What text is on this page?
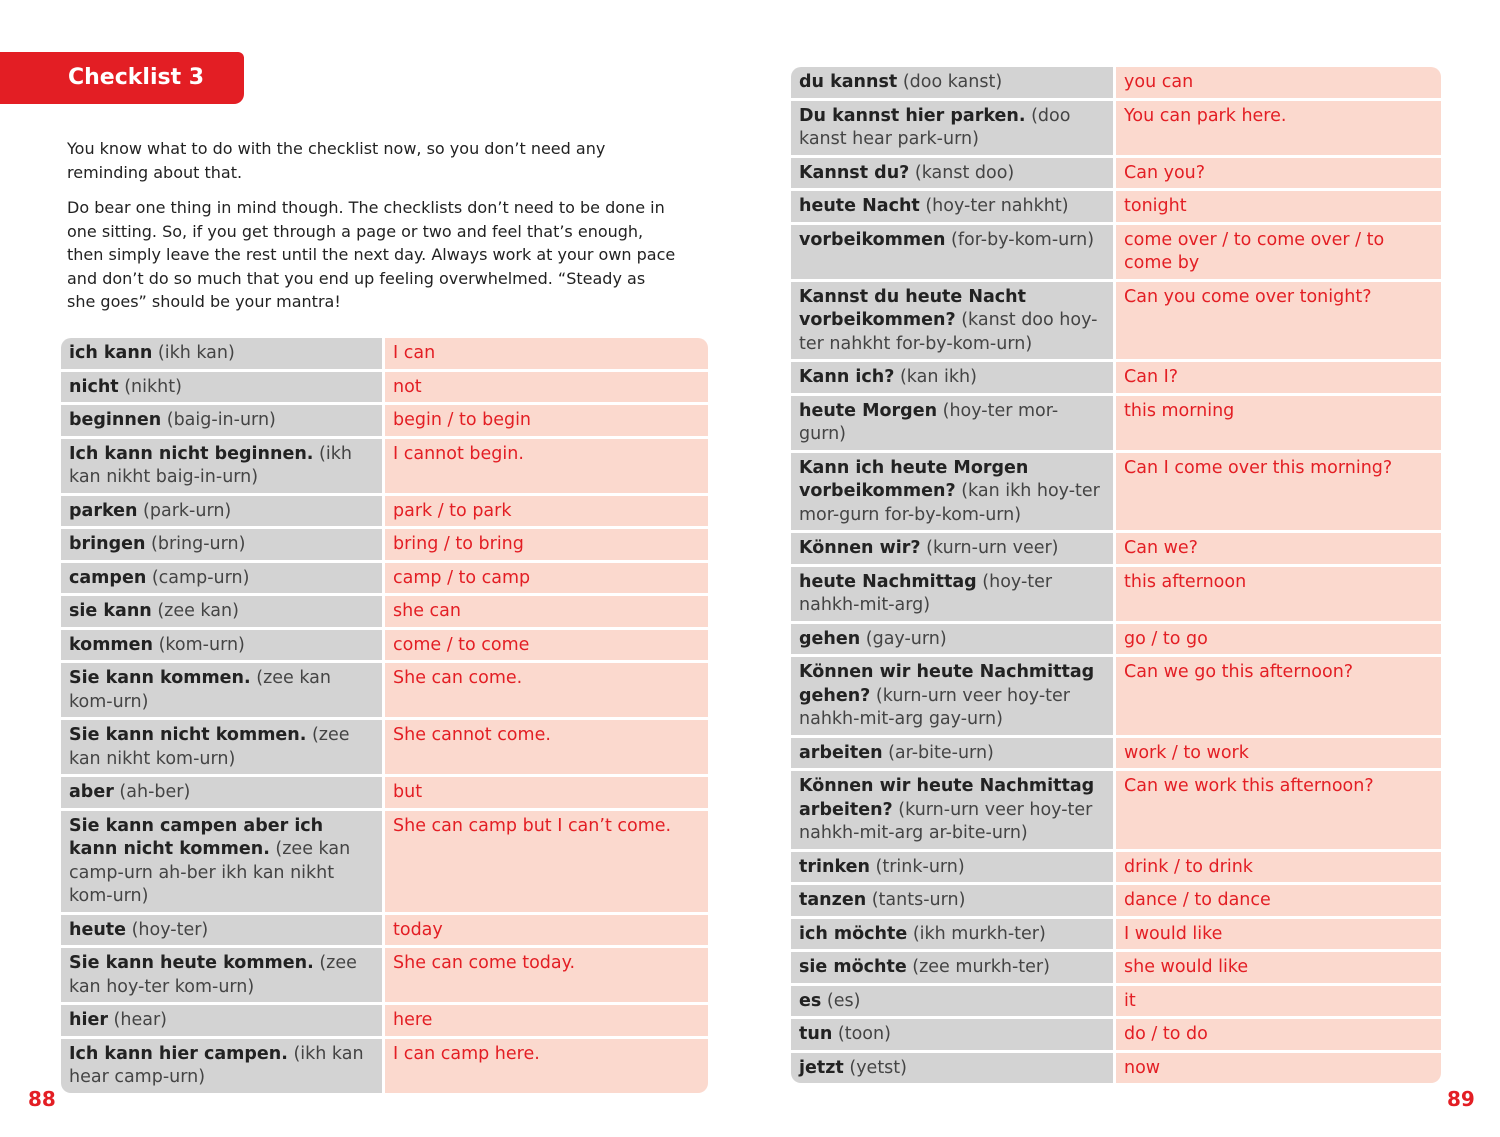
Checklist 3

You know what to do with the checklist now, so you don’t need any reminding about that.

Do bear one thing in mind though. The checklists don’t need to be done in one sitting. So, if you get through a page or two and feel that’s enough, then simply leave the rest until the next day. Always work at your own pace and don’t do so much that you end up feeling overwhelmed. “Steady as she goes” should be your mantra!

ich kann (ikh kan)	I can
nicht (nikht)	not
beginnen (baig-in-urn)	begin / to begin
Ich kann nicht beginnen. (ikh kan nikht baig-in-urn)	I cannot begin.
parken (park-urn)	park / to park
bringen (bring-urn)	bring / to bring
campen (camp-urn)	camp / to camp
sie kann (zee kan)	she can
kommen (kom-urn)	come / to come
Sie kann kommen. (zee kan kom-urn)	She can come.
Sie kann nicht kommen. (zee kan nikht kom-urn)	She cannot come.
aber (ah-ber)	but
Sie kann campen aber ich kann nicht kommen. (zee kan camp-urn ah-ber ikh kan nikht kom-urn)	She can camp but I can’t come.
heute (hoy-ter)	today
Sie kann heute kommen. (zee kan hoy-ter kom-urn)	She can come today.
hier (hear)	here
Ich kann hier campen. (ikh kan hear camp-urn)	I can camp here.
du kannst (doo kanst)	you can
Du kannst hier parken. (doo kanst hear park-urn)	You can park here.
Kannst du? (kanst doo)	Can you?
heute Nacht (hoy-ter nahkht)	tonight
vorbeikommen (for-by-kom-urn)	come over / to come over / to come by
Kannst du heute Nacht vorbeikommen? (kanst doo hoy-ter nahkht for-by-kom-urn)	Can you come over tonight?
Kann ich? (kan ikh)	Can I?
heute Morgen (hoy-ter mor-gurn)	this morning
Kann ich heute Morgen vorbeikommen? (kan ikh hoy-ter mor-gurn for-by-kom-urn)	Can I come over this morning?
Können wir? (kurn-urn veer)	Can we?
heute Nachmittag (hoy-ter nahkh-mit-arg)	this afternoon
gehen (gay-urn)	go / to go
Können wir heute Nachmittag gehen? (kurn-urn veer hoy-ter nahkh-mit-arg gay-urn)	Can we go this afternoon?
arbeiten (ar-bite-urn)	work / to work
Können wir heute Nachmittag arbeiten? (kurn-urn veer hoy-ter nahkh-mit-arg ar-bite-urn)	Can we work this afternoon?
trinken (trink-urn)	drink / to drink
tanzen (tants-urn)	dance / to dance
ich möchte (ikh murkh-ter)	I would like
sie möchte (zee murkh-ter)	she would like
es (es)	it
tun (toon)	do / to do
jetzt (yetst)	now
88	89
